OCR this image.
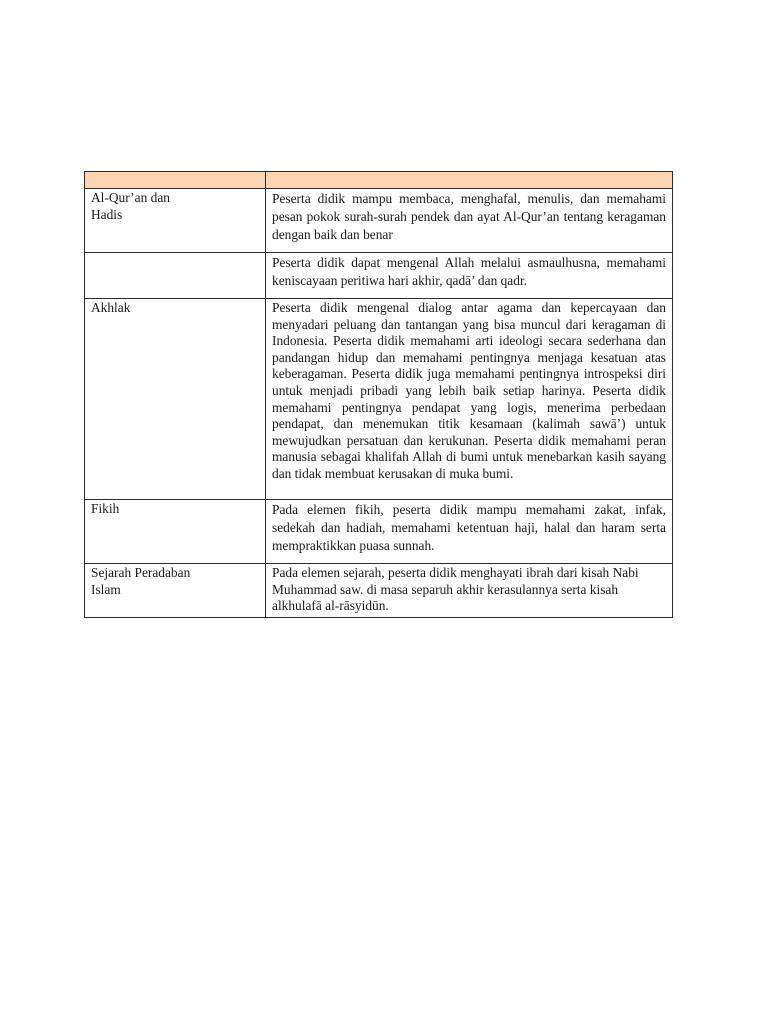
Al-Qur’an dan Hadis	Peserta didik mampu membaca, menghafal, menulis, dan memahami pesan pokok surah-surah pendek dan ayat Al-Qur’an tentang keragaman dengan baik dan benar

	Peserta didik dapat mengenal Allah melalui asmaulhusna, memahami keniscayaan peritiwa hari akhir, qadā’ dan qadr.

Akhlak	Peserta didik mengenal dialog antar agama dan kepercayaan dan menyadari peluang dan tantangan yang bisa muncul dari keragaman di Indonesia. Peserta didik memahami arti ideologi secara sederhana dan pandangan hidup dan memahami pentingnya menjaga kesatuan atas keberagaman. Peserta didik juga memahami pentingnya introspeksi diri untuk menjadi pribadi yang lebih baik setiap harinya. Peserta didik memahami pentingnya pendapat yang logis, menerima perbedaan pendapat, dan menemukan titik kesamaan (kalimah sawā’) untuk mewujudkan persatuan dan kerukunan. Peserta didik memahami peran manusia sebagai khalifah Allah di bumi untuk menebarkan kasih sayang dan tidak membuat kerusakan di muka bumi.

Fikih	Pada elemen fikih, peserta didik mampu memahami zakat, infak, sedekah dan hadiah, memahami ketentuan haji, halal dan haram serta mempraktikkan puasa sunnah.

Sejarah Peradaban Islam	Pada elemen sejarah, peserta didik menghayati ibrah dari kisah Nabi Muhammad saw. di masa separuh akhir kerasulannya serta kisah alkhulafā al-rāsyidūn.
